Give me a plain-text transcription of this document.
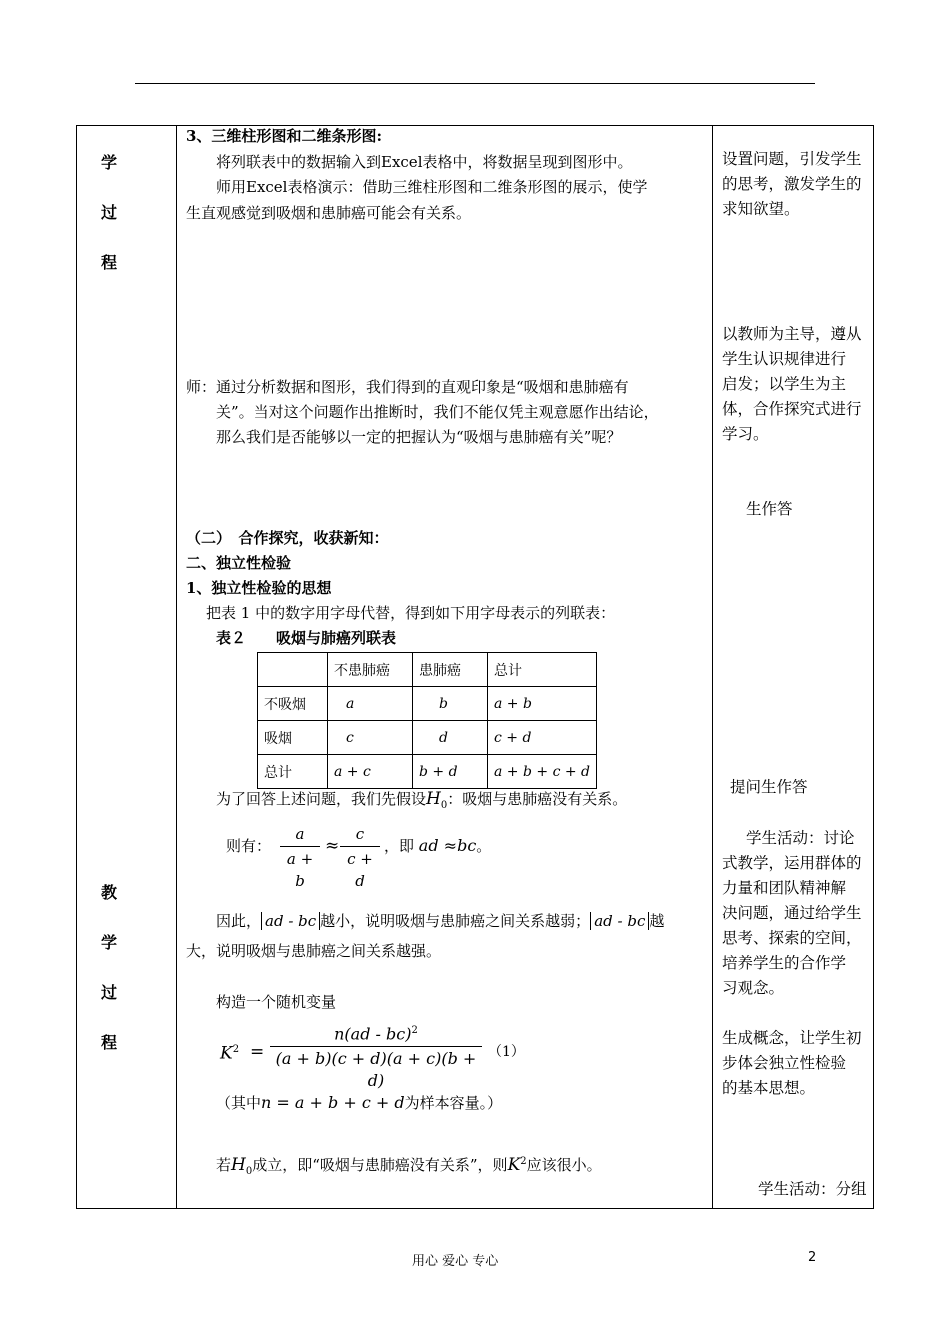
学
过
程
教
学
过
程
3、三维柱形图和二维条形图:
将列联表中的数据输入到Excel表格中，将数据呈现到图形中。
师用Excel表格演示：借助三维柱形图和二维条形图的展示，使学
生直观感觉到吸烟和患肺癌可能会有关系。
师：通过分析数据和图形，我们得到的直观印象是“吸烟和患肺癌有
关”。当对这个问题作出推断时，我们不能仅凭主观意愿作出结论，
那么我们是否能够以一定的把握认为“吸烟与患肺癌有关”呢？
（二）　合作探究，收获新知：
二、独立性检验
1、独立性检验的思想
把表 1 中的数字用字母代替，得到如下用字母表示的列联表：
表２　　吸烟与肺癌列联表
	不患肺癌	患肺癌	总计
不吸烟	a	b	a + b
吸烟	c	d	c + d
总计	a + c	b + d	a + b + c + d
为了回答上述问题，我们先假设$H_0$：吸烟与患肺癌没有关系。
则有：
a
a + b
≈
c
c + d
，即 ad ≈bc。
因此， ad - bc 越小，说明吸烟与患肺癌之间关系越弱； ad - bc 越
大，说明吸烟与患肺癌之间关系越强。
构造一个随机变量
$K^2$ =
n(ad - bc)$^2$
(a + b)(c + d)(a + c)(b + d)
（1）
（其中n = a + b + c + d为样本容量。）
若$H_0$成立，即“吸烟与患肺癌没有关系”，则$K^2$应该很小。
设置问题，引发学生
的思考，激发学生的
求知欲望。
以教师为主导，遵从
学生认识规律进行
启发；以学生为主
体，合作探究式进行
学习。
生作答
提问生作答
学生活动：讨论
式教学，运用群体的
力量和团队精神解
决问题，通过给学生
思考、探索的空间，
培养学生的合作学
习观念。
生成概念，让学生初
步体会独立性检验
的基本思想。
学生活动：分组
用心 爱心 专心	2
